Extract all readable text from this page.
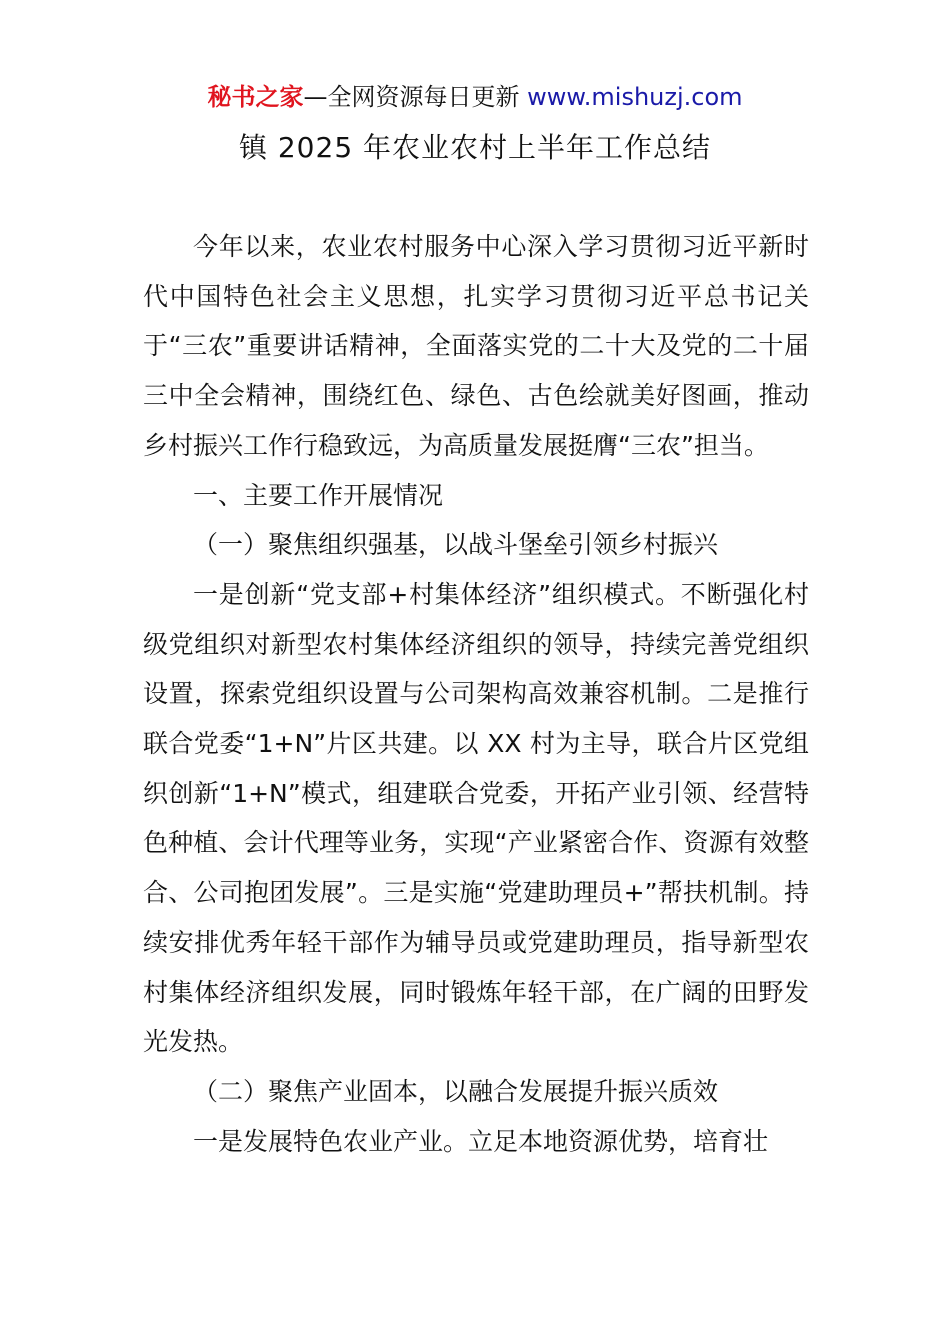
秘书之家—全网资源每日更新 www.mishuzj.com
镇 2025 年农业农村上半年工作总结

今年以来，农业农村服务中心深入学习贯彻习近平新时代中国特色社会主义思想，扎实学习贯彻习近平总书记关于“三农”重要讲话精神，全面落实党的二十大及党的二十届三中全会精神，围绕红色、绿色、古色绘就美好图画，推动乡村振兴工作行稳致远，为高质量发展挺膺“三农”担当。

一、主要工作开展情况

（一）聚焦组织强基，以战斗堡垒引领乡村振兴

一是创新“党支部+村集体经济”组织模式。不断强化村级党组织对新型农村集体经济组织的领导，持续完善党组织设置，探索党组织设置与公司架构高效兼容机制。二是推行联合党委“1+N”片区共建。以 XX 村为主导，联合片区党组织创新“1+N”模式，组建联合党委，开拓产业引领、经营特色种植、会计代理等业务，实现“产业紧密合作、资源有效整合、公司抱团发展”。三是实施“党建助理员+”帮扶机制。持续安排优秀年轻干部作为辅导员或党建助理员，指导新型农村集体经济组织发展，同时锻炼年轻干部，在广阔的田野发光发热。

（二）聚焦产业固本，以融合发展提升振兴质效

一是发展特色农业产业。立足本地资源优势，培育壮
